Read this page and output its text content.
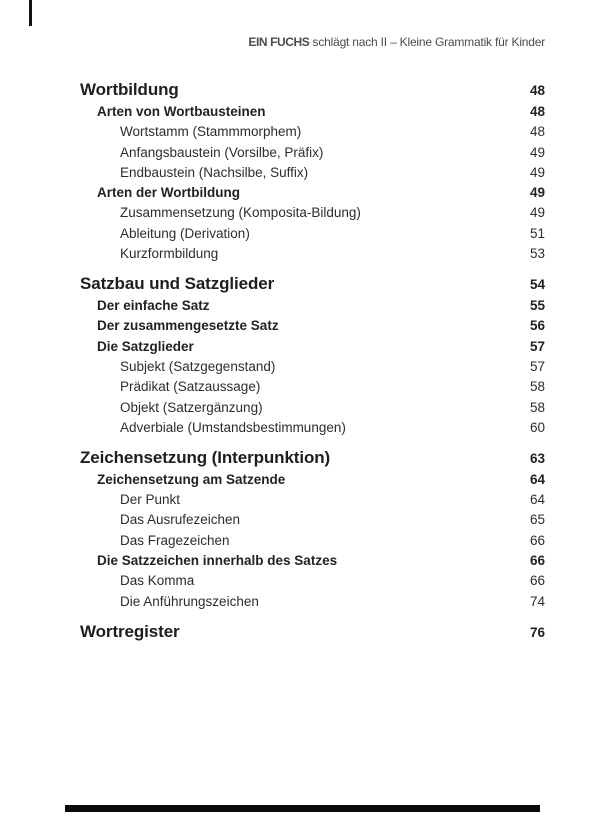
EIN FUCHS schlägt nach II – Kleine Grammatik für Kinder
Wortbildung	48
Arten von Wortbausteinen	48
Wortstamm (Stammmorphem)	48
Anfangsbaustein (Vorsilbe, Präfix)	49
Endbaustein (Nachsilbe, Suffix)	49
Arten der Wortbildung	49
Zusammensetzung (Komposita-Bildung)	49
Ableitung (Derivation)	51
Kurzformbildung	53
Satzbau und Satzglieder	54
Der einfache Satz	55
Der zusammengesetzte Satz	56
Die Satzglieder	57
Subjekt (Satzgegenstand)	57
Prädikat (Satzaussage)	58
Objekt (Satzergänzung)	58
Adverbiale (Umstandsbestimmungen)	60
Zeichensetzung (Interpunktion)	63
Zeichensetzung am Satzende	64
Der Punkt	64
Das Ausrufezeichen	65
Das Fragezeichen	66
Die Satzzeichen innerhalb des Satzes	66
Das Komma	66
Die Anführungszeichen	74
Wortregister	76
